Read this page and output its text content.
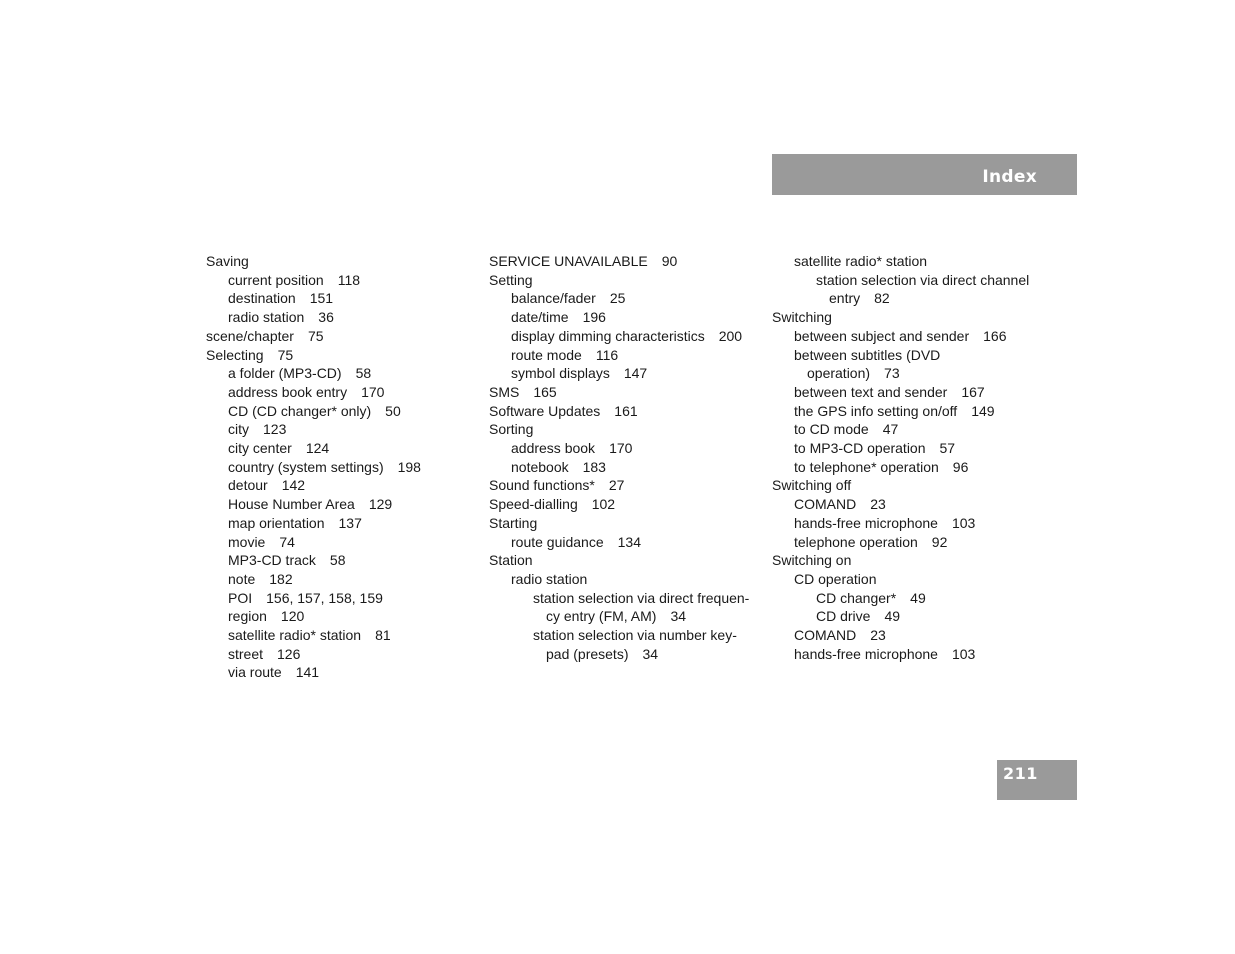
Index
Saving
current position 118
destination 151
radio station 36
scene/chapter 75
Selecting 75
a folder (MP3-CD) 58
address book entry 170
CD (CD changer* only) 50
city 123
city center 124
country (system settings) 198
detour 142
House Number Area 129
map orientation 137
movie 74
MP3-CD track 58
note 182
POI 156, 157, 158, 159
region 120
satellite radio* station 81
street 126
via route 141
SERVICE UNAVAILABLE 90
Setting
balance/fader 25
date/time 196
display dimming characteristics 200
route mode 116
symbol displays 147
SMS 165
Software Updates 161
Sorting
address book 170
notebook 183
Sound functions* 27
Speed-dialling 102
Starting
route guidance 134
Station
radio station
station selection via direct frequen-
cy entry (FM, AM) 34
station selection via number key-
pad (presets) 34
satellite radio* station
station selection via direct channel
entry 82
Switching
between subject and sender 166
between subtitles (DVD
operation) 73
between text and sender 167
the GPS info setting on/off 149
to CD mode 47
to MP3-CD operation 57
to telephone* operation 96
Switching off
COMAND 23
hands-free microphone 103
telephone operation 92
Switching on
CD operation
CD changer* 49
CD drive 49
COMAND 23
hands-free microphone 103
211
